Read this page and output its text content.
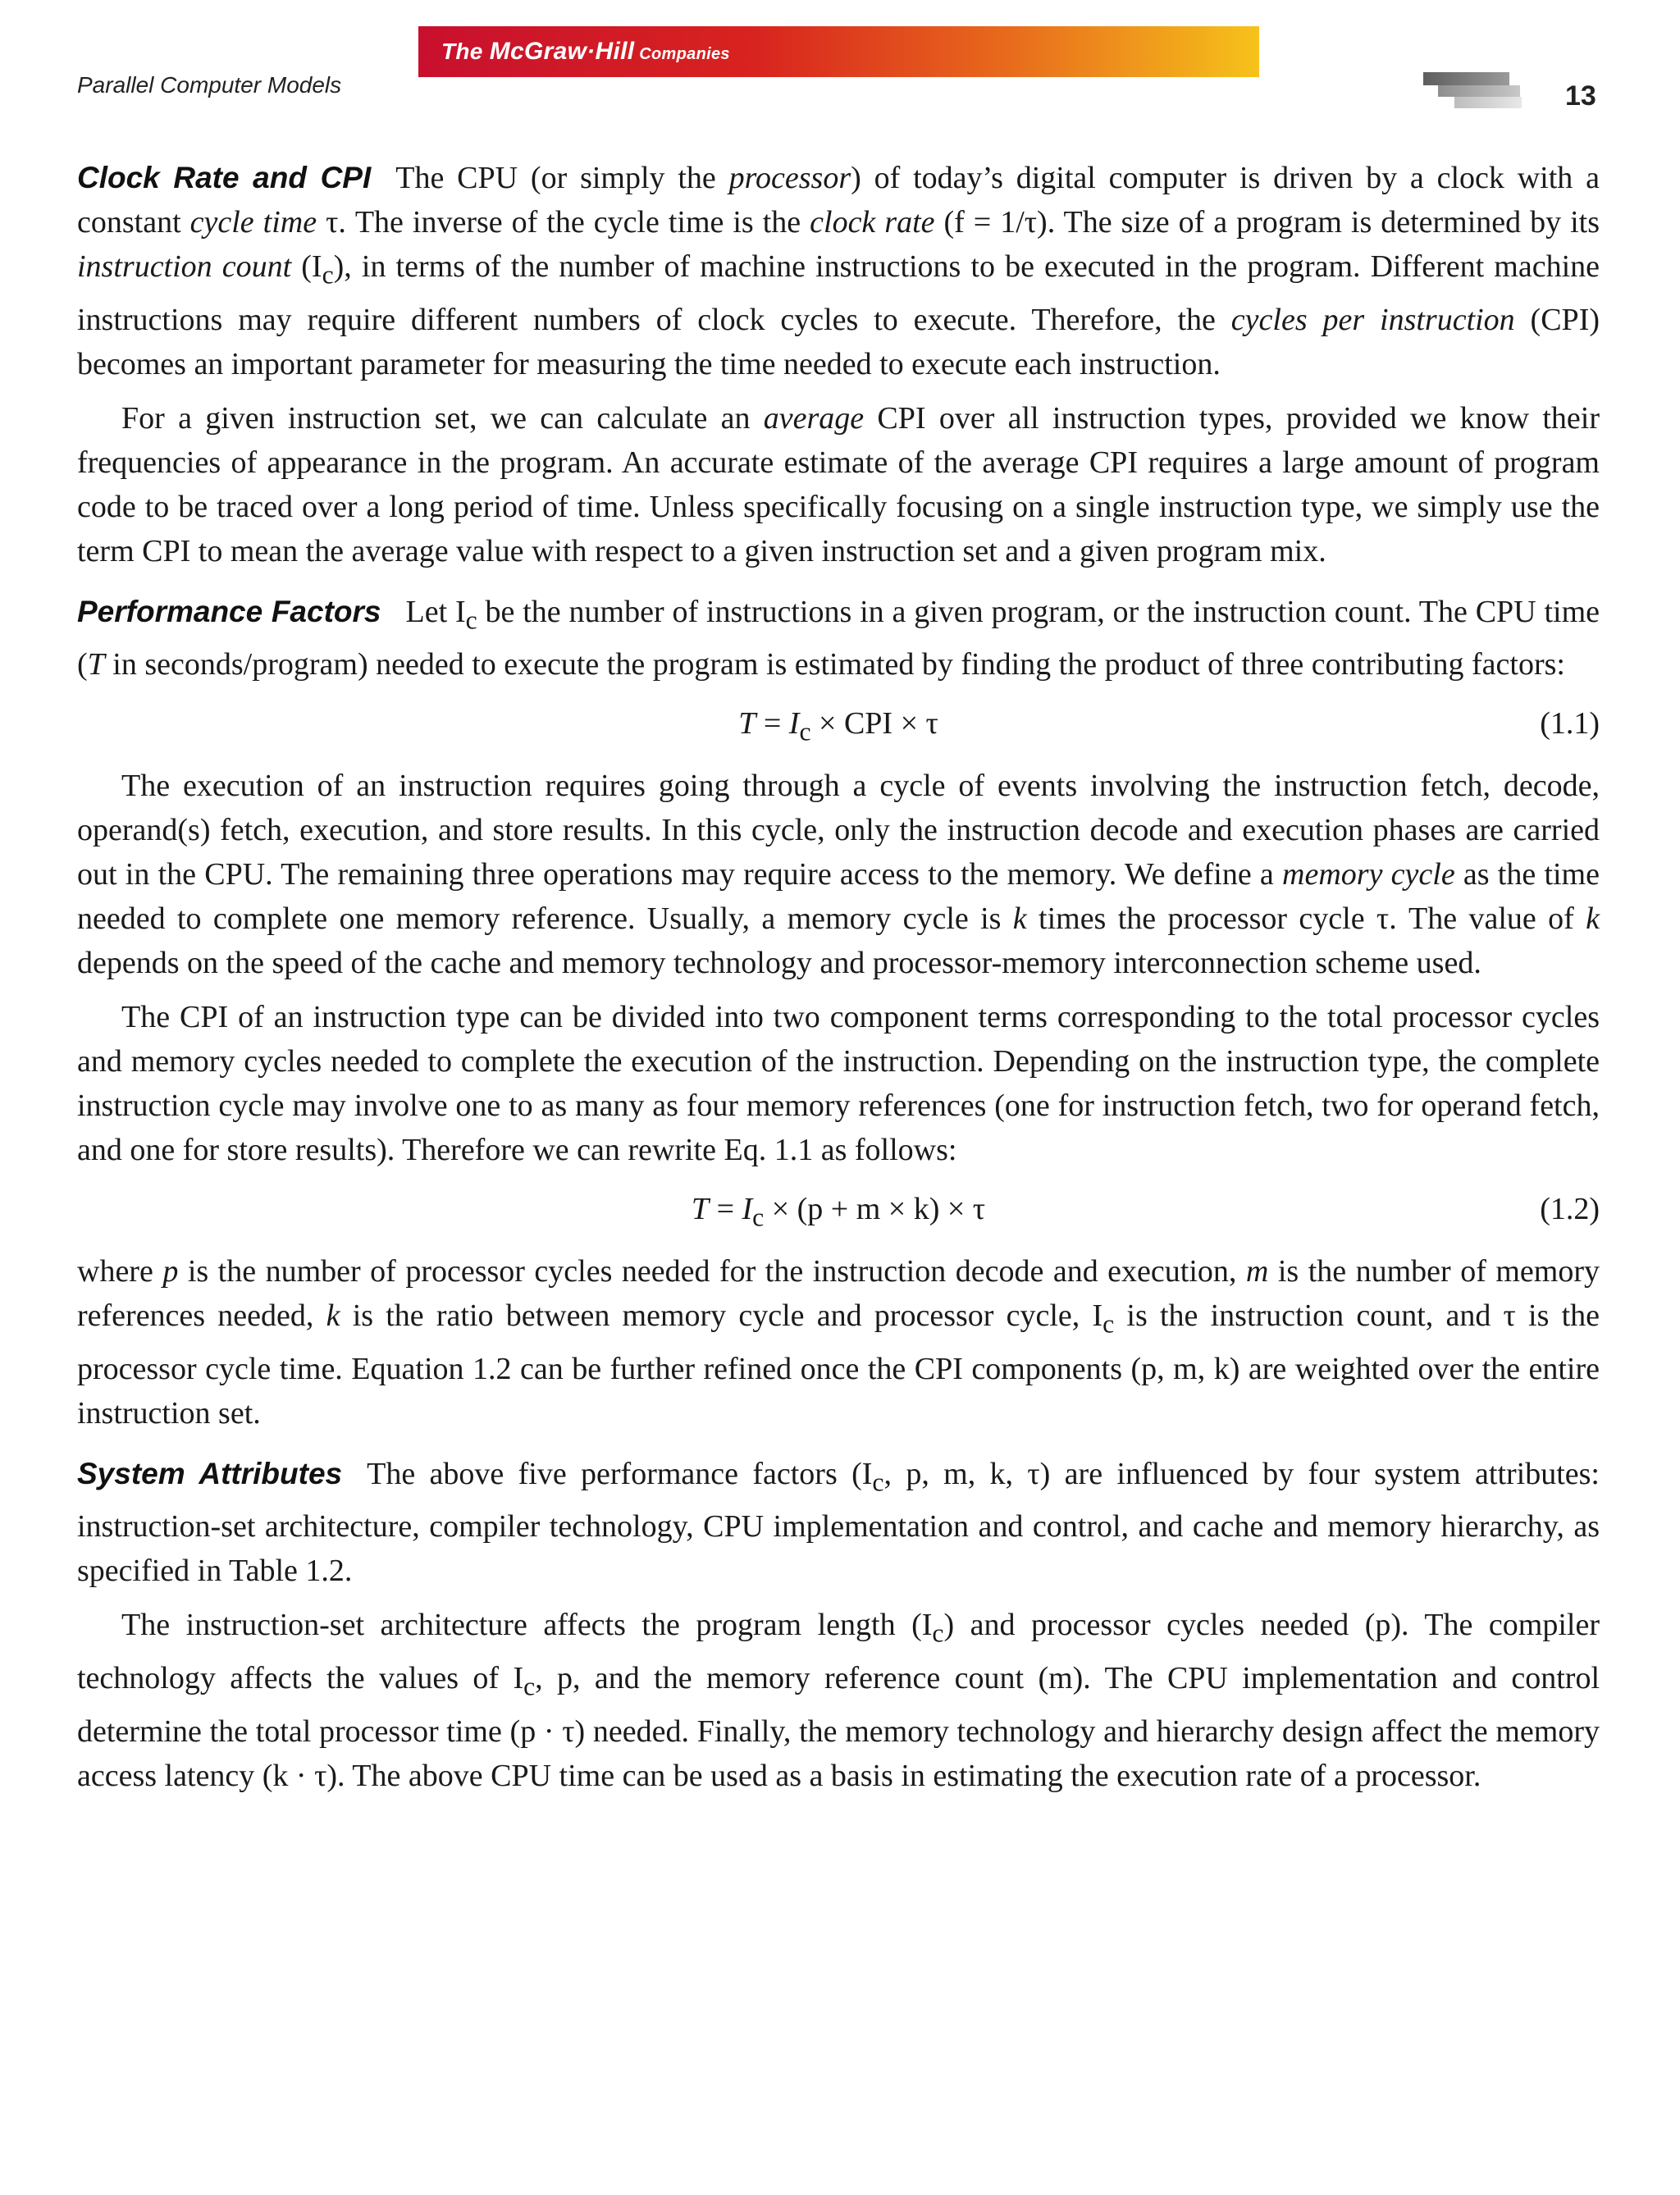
The McGraw·Hill Companies
Parallel Computer Models	13

Clock Rate and CPI The CPU (or simply the processor) of today’s digital computer is driven by a clock with a constant cycle time τ. The inverse of the cycle time is the clock rate (f = 1/τ). The size of a program is determined by its instruction count $(I_c)$, in terms of the number of machine instructions to be executed in the program. Different machine instructions may require different numbers of clock cycles to execute. Therefore, the cycles per instruction (CPI) becomes an important parameter for measuring the time needed to execute each instruction.

For a given instruction set, we can calculate an average CPI over all instruction types, provided we know their frequencies of appearance in the program. An accurate estimate of the average CPI requires a large amount of program code to be traced over a long period of time. Unless specifically focusing on a single instruction type, we simply use the term CPI to mean the average value with respect to a given instruction set and a given program mix.

Performance Factors Let $I_c$ be the number of instructions in a given program, or the instruction count. The CPU time (T in seconds/program) needed to execute the program is estimated by finding the product of three contributing factors:

$T = I_c$ × CPI × τ	(1.1)

The execution of an instruction requires going through a cycle of events involving the instruction fetch, decode, operand(s) fetch, execution, and store results. In this cycle, only the instruction decode and execution phases are carried out in the CPU. The remaining three operations may require access to the memory. We define a memory cycle as the time needed to complete one memory reference. Usually, a memory cycle is k times the processor cycle τ. The value of k depends on the speed of the cache and memory technology and processor-memory interconnection scheme used.

The CPI of an instruction type can be divided into two component terms corresponding to the total processor cycles and memory cycles needed to complete the execution of the instruction. Depending on the instruction type, the complete instruction cycle may involve one to as many as four memory references (one for instruction fetch, two for operand fetch, and one for store results). Therefore we can rewrite Eq. 1.1 as follows:

$T = I_c \times (p + m \times k) \times \tau$	(1.2)

where p is the number of processor cycles needed for the instruction decode and execution, m is the number of memory references needed, k is the ratio between memory cycle and processor cycle, $I_c$ is the instruction count, and τ is the processor cycle time. Equation 1.2 can be further refined once the CPI components (p, m, k) are weighted over the entire instruction set.

System Attributes The above five performance factors ($I_c$, p, m, k, τ) are influenced by four system attributes: instruction-set architecture, compiler technology, CPU implementation and control, and cache and memory hierarchy, as specified in Table 1.2.

The instruction-set architecture affects the program length $(I_c)$ and processor cycles needed (p). The compiler technology affects the values of $I_c$, p, and the memory reference count (m). The CPU implementation and control determine the total processor time (p · τ) needed. Finally, the memory technology and hierarchy design affect the memory access latency (k · τ). The above CPU time can be used as a basis in estimating the execution rate of a processor.
